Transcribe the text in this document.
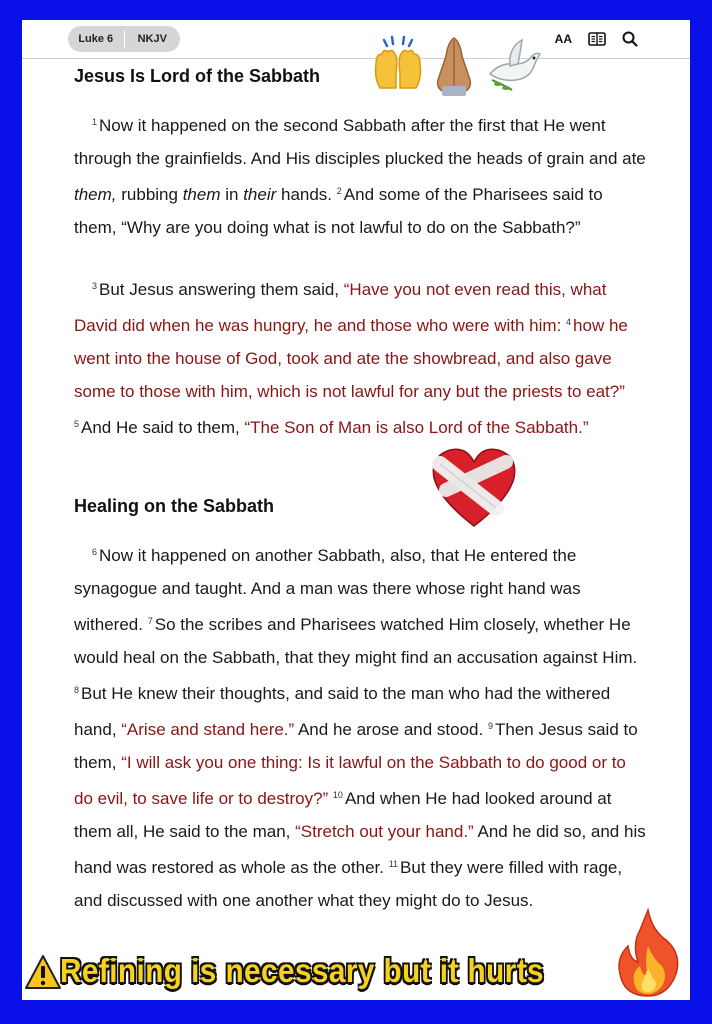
Luke 6	NKJV	AA
Jesus Is Lord of the Sabbath

$^1$ Now it happened on the second Sabbath after the first that He went through the grainfields. And His disciples plucked the heads of grain and ate them, rubbing them in their hands. $^2$ And some of the Pharisees said to them, “Why are you doing what is not lawful to do on the Sabbath?”

$^3$ But Jesus answering them said, “Have you not even read this, what David did when he was hungry, he and those who were with him: $^4$ how he went into the house of God, took and ate the showbread, and also gave some to those with him, which is not lawful for any but the priests to eat?” $^5$ And He said to them, “The Son of Man is also Lord of the Sabbath.”

Healing on the Sabbath

$^6$ Now it happened on another Sabbath, also, that He entered the synagogue and taught. And a man was there whose right hand was withered. $^7$ So the scribes and Pharisees watched Him closely, whether He would heal on the Sabbath, that they might find an accusation against Him. $^8$ But He knew their thoughts, and said to the man who had the withered hand, “Arise and stand here.” And he arose and stood. $^9$ Then Jesus said to them, “I will ask you one thing: Is it lawful on the Sabbath to do good or to do evil, to save life or to destroy?” $^{10}$ And when He had looked around at them all, He said to the man, “Stretch out your hand.” And he did so, and his hand was restored as whole as the other. $^{11}$ But they were filled with rage, and discussed with one another what they might do to Jesus.

Refining is necessary but it hurts
